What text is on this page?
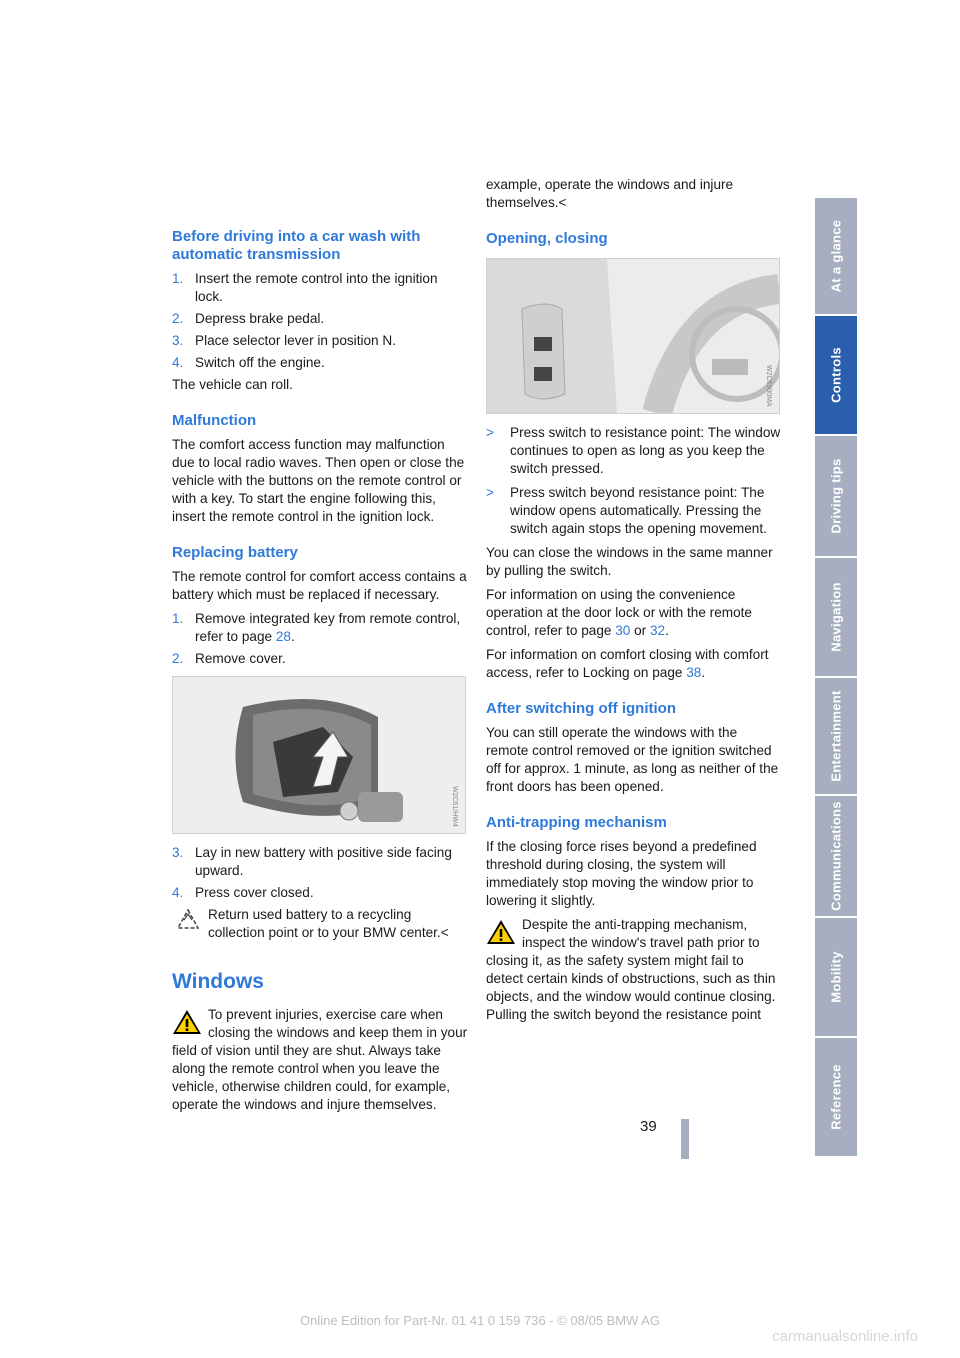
Before driving into a car wash with automatic transmission
1. Insert the remote control into the ignition lock.
2. Depress brake pedal.
3. Place selector lever in position N.
4. Switch off the engine.

The vehicle can roll.

Malfunction

The comfort access function may malfunction due to local radio waves. Then open or close the vehicle with the buttons on the remote control or with a key. To start the engine following this, insert the remote control in the ignition lock.

Replacing battery

The remote control for comfort access contains a battery which must be replaced if necessary.

1. Remove integrated key from remote control, refer to page 28.
2. Remove cover.
W2C61/HW4
3. Lay in new battery with positive side facing upward.
4. Press cover closed.
Return used battery to a recycling collection point or to your BMW center.<
Windows
To prevent injuries, exercise care when closing the windows and keep them in your field of vision until they are shut. Always take along the remote control when you leave the vehicle, otherwise children could, for example, operate the windows and injure themselves.

example, operate the windows and injure themselves.<

Opening, closing
W2C6900MA
>	Press switch to resistance point: The window continues to open as long as you keep the switch pressed.
>	Press switch beyond resistance point: The window opens automatically. Pressing the switch again stops the opening movement.

You can close the windows in the same manner by pulling the switch.

For information on using the convenience operation at the door lock or with the remote control, refer to page 30 or 32.

For information on comfort closing with comfort access, refer to Locking on page 38.

After switching off ignition

You can still operate the windows with the remote control removed or the ignition switched off for approx. 1 minute, as long as neither of the front doors has been opened.

Anti-trapping mechanism

If the closing force rises beyond a predefined threshold during closing, the system will immediately stop moving the window prior to lowering it slightly.

Despite the anti-trapping mechanism, inspect the window's travel path prior to closing it, as the safety system might fail to detect certain kinds of obstructions, such as thin objects, and the window would continue closing. Pulling the switch beyond the resistance point
At a glance
Controls
Driving tips
Navigation
Entertainment
Communications
Mobility
Reference
39
Online Edition for Part-Nr. 01 41 0 159 736 - © 08/05 BMW AG
carmanualsonline.info
